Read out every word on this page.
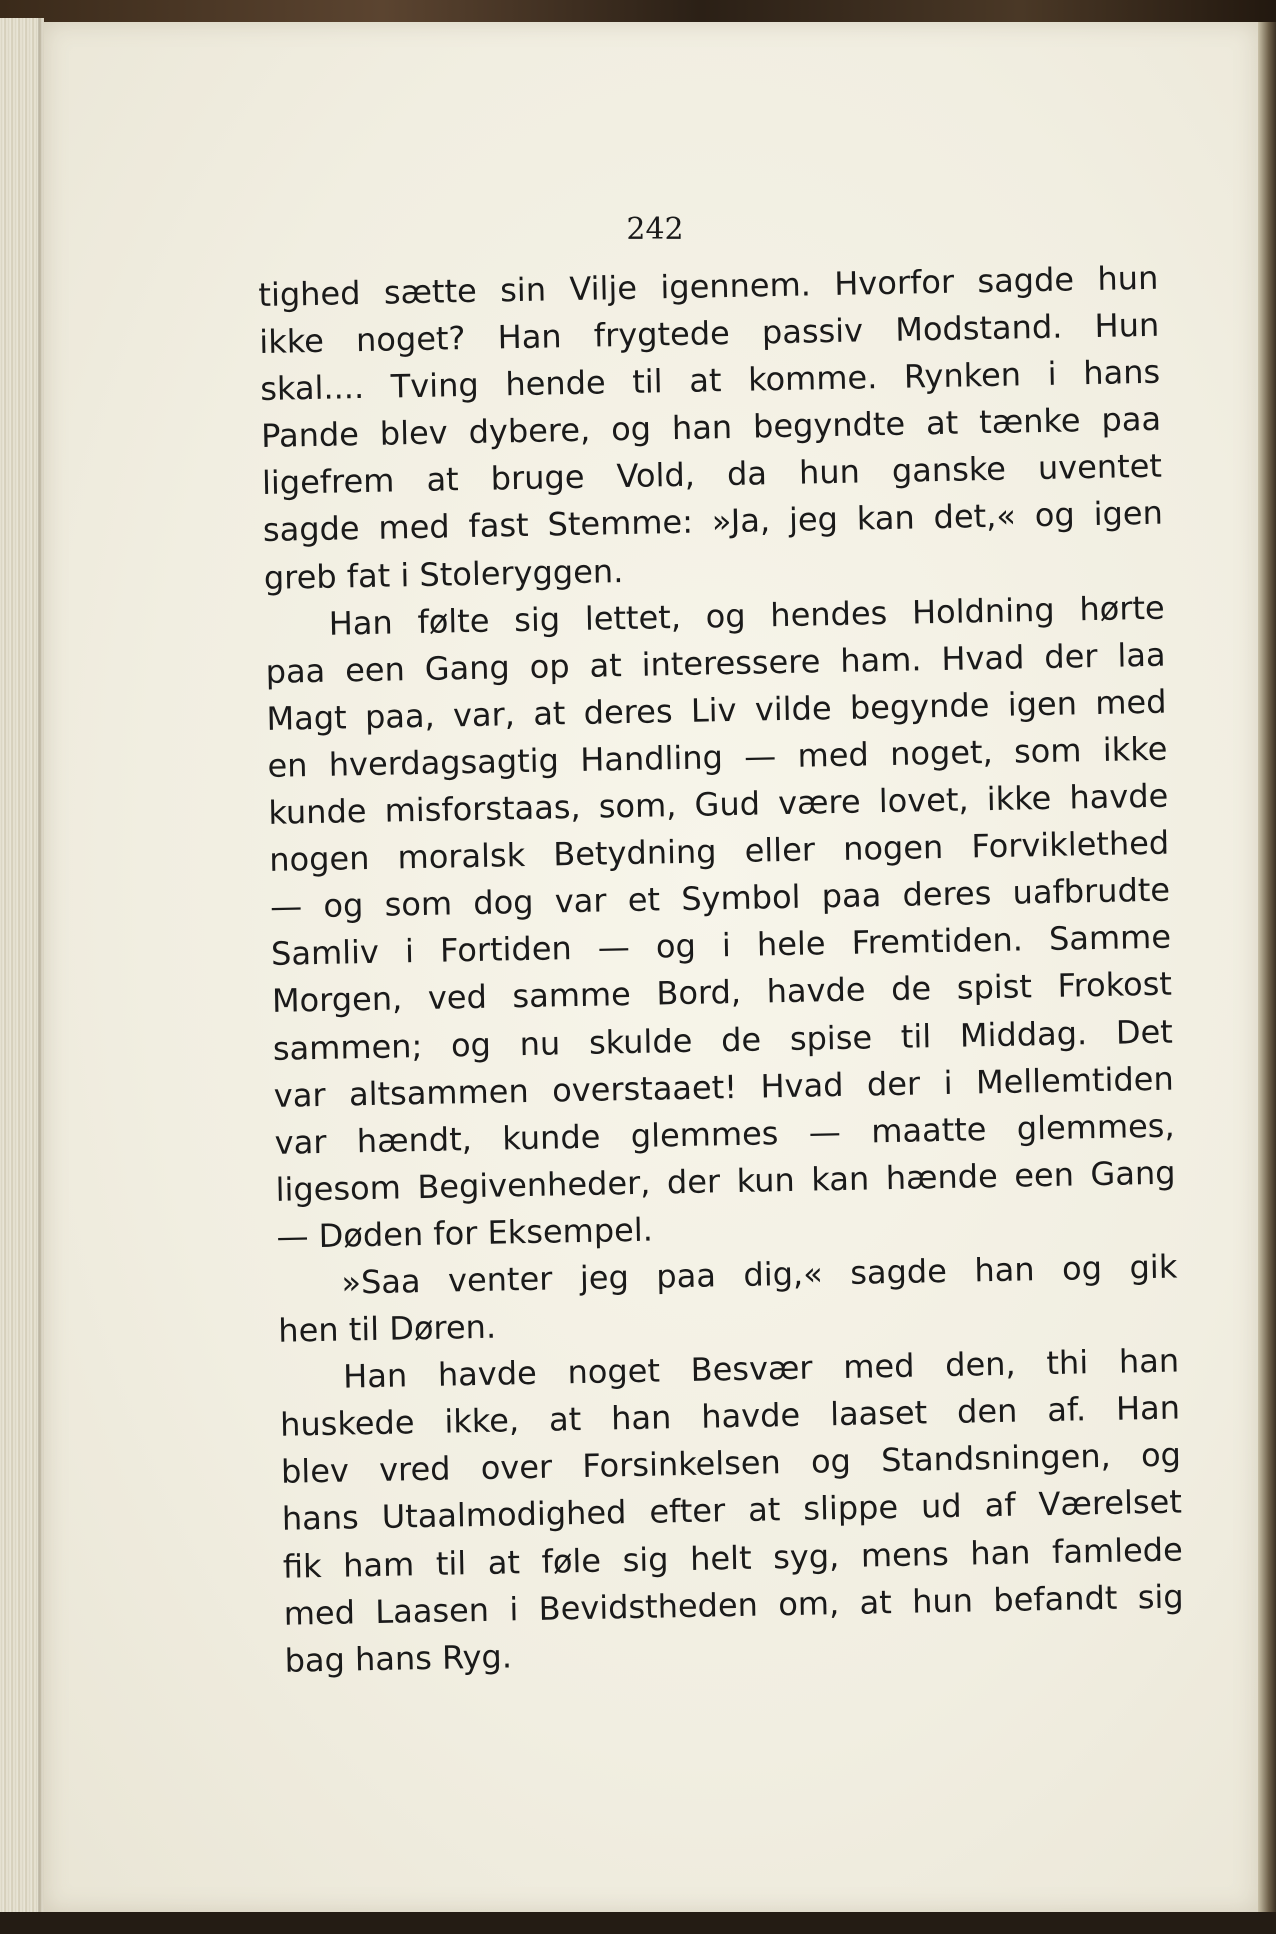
242
tighed sætte sin Vilje igennem. Hvorfor sagde hun
ikke noget? Han frygtede passiv Modstand. Hun
skal.... Tving hende til at komme. Rynken i hans
Pande blev dybere, og han begyndte at tænke paa
ligefrem at bruge Vold, da hun ganske uventet
sagde med fast Stemme: »Ja, jeg kan det,« og igen
greb fat i Stoleryggen.
Han følte sig lettet, og hendes Holdning hørte
paa een Gang op at interessere ham. Hvad der laa
Magt paa, var, at deres Liv vilde begynde igen med
en hverdagsagtig Handling — med noget, som ikke
kunde misforstaas, som, Gud være lovet, ikke havde
nogen moralsk Betydning eller nogen Forviklethed
— og som dog var et Symbol paa deres uafbrudte
Samliv i Fortiden — og i hele Fremtiden. Samme
Morgen, ved samme Bord, havde de spist Frokost
sammen; og nu skulde de spise til Middag. Det
var altsammen overstaaet! Hvad der i Mellemtiden
var hændt, kunde glemmes — maatte glemmes,
ligesom Begivenheder, der kun kan hænde een Gang
— Døden for Eksempel.
»Saa venter jeg paa dig,« sagde han og gik
hen til Døren.
Han havde noget Besvær med den, thi han
huskede ikke, at han havde laaset den af. Han
blev vred over Forsinkelsen og Standsningen, og
hans Utaalmodighed efter at slippe ud af Værelset
fik ham til at føle sig helt syg, mens han famlede
med Laasen i Bevidstheden om, at hun befandt sig
bag hans Ryg.
